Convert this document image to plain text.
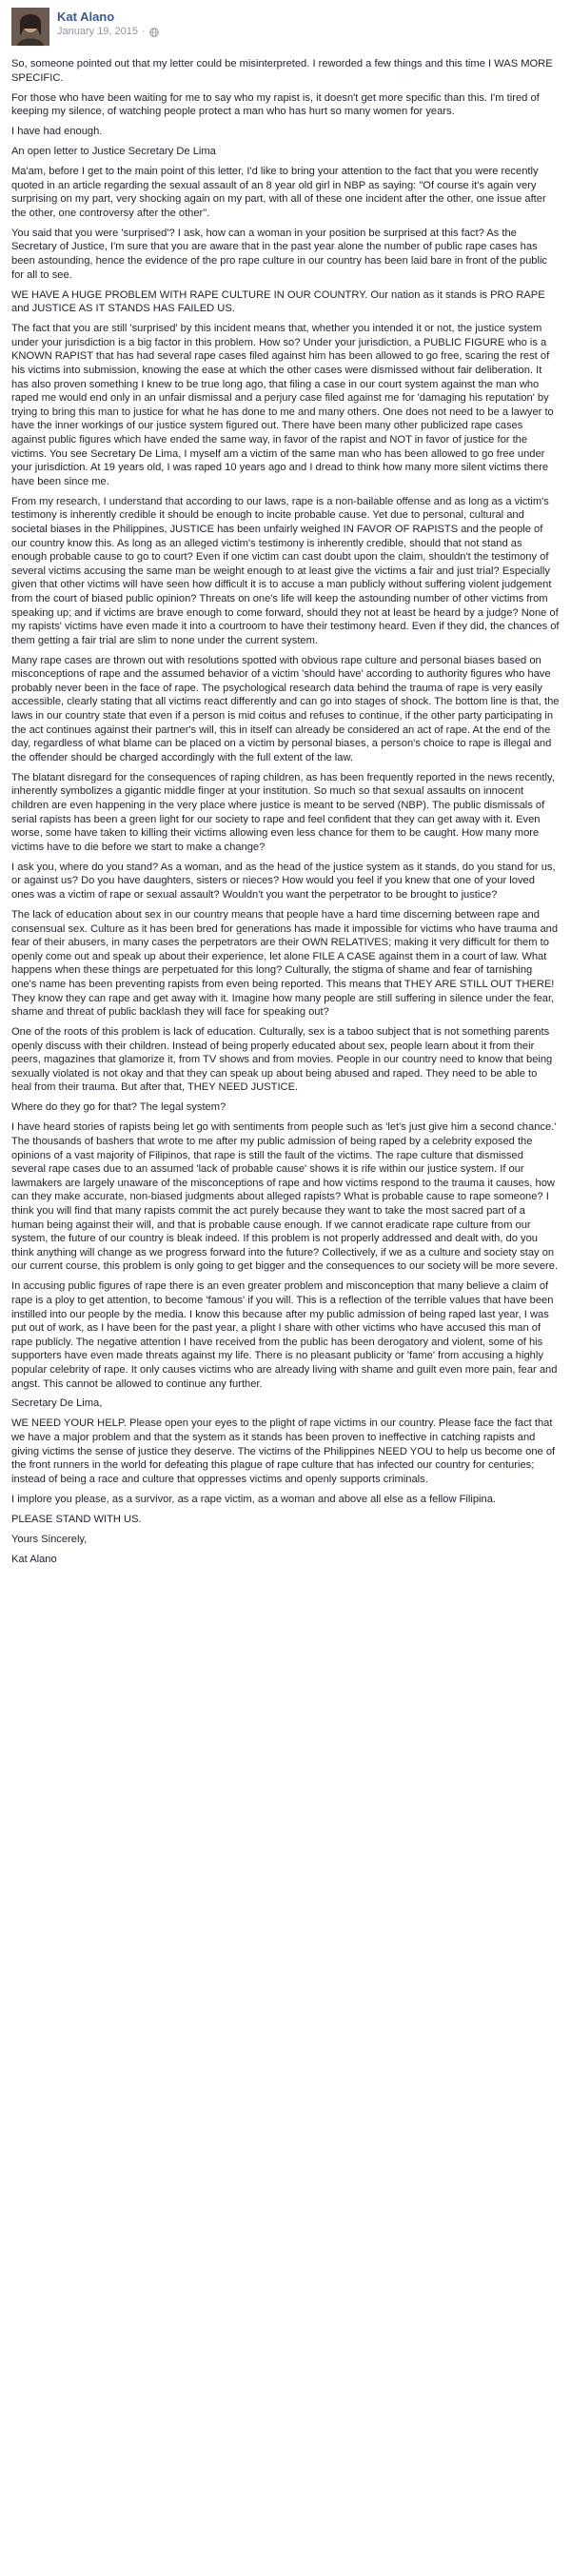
Kat Alano
January 19, 2015 ·

So, someone pointed out that my letter could be misinterpreted. I reworded a few things and this time I WAS MORE SPECIFIC.

For those who have been waiting for me to say who my rapist is, it doesn't get more specific than this. I'm tired of keeping my silence, of watching people protect a man who has hurt so many women for years.

I have had enough.

An open letter to Justice Secretary De Lima

Ma'am, before I get to the main point of this letter, I'd like to bring your attention to the fact that you were recently quoted in an article regarding the sexual assault of an 8 year old girl in NBP as saying: "Of course it's again very surprising on my part, very shocking again on my part, with all of these one incident after the other, one issue after the other, one controversy after the other".

You said that you were 'surprised'? I ask, how can a woman in your position be surprised at this fact? As the Secretary of Justice, I'm sure that you are aware that in the past year alone the number of public rape cases has been astounding, hence the evidence of the pro rape culture in our country has been laid bare in front of the public for all to see.

WE HAVE A HUGE PROBLEM WITH RAPE CULTURE IN OUR COUNTRY. Our nation as it stands is PRO RAPE and JUSTICE AS IT STANDS HAS FAILED US.

The fact that you are still 'surprised' by this incident means that, whether you intended it or not, the justice system under your jurisdiction is a big factor in this problem. How so? Under your jurisdiction, a PUBLIC FIGURE who is a KNOWN RAPIST that has had several rape cases filed against him has been allowed to go free, scaring the rest of his victims into submission, knowing the ease at which the other cases were dismissed without fair deliberation. It has also proven something I knew to be true long ago, that filing a case in our court system against the man who raped me would end only in an unfair dismissal and a perjury case filed against me for 'damaging his reputation' by trying to bring this man to justice for what he has done to me and many others. One does not need to be a lawyer to have the inner workings of our justice system figured out. There have been many other publicized rape cases against public figures which have ended the same way, in favor of the rapist and NOT in favor of justice for the victims. You see Secretary De Lima, I myself am a victim of the same man who has been allowed to go free under your jurisdiction. At 19 years old, I was raped 10 years ago and I dread to think how many more silent victims there have been since me.

From my research, I understand that according to our laws, rape is a non-bailable offense and as long as a victim's testimony is inherently credible it should be enough to incite probable cause. Yet due to personal, cultural and societal biases in the Philippines, JUSTICE has been unfairly weighed IN FAVOR OF RAPISTS and the people of our country know this. As long as an alleged victim's testimony is inherently credible, should that not stand as enough probable cause to go to court? Even if one victim can cast doubt upon the claim, shouldn't the testimony of several victims accusing the same man be weight enough to at least give the victims a fair and just trial? Especially given that other victims will have seen how difficult it is to accuse a man publicly without suffering violent judgement from the court of biased public opinion? Threats on one's life will keep the astounding number of other victims from speaking up; and if victims are brave enough to come forward, should they not at least be heard by a judge? None of my rapists' victims have even made it into a courtroom to have their testimony heard. Even if they did, the chances of them getting a fair trial are slim to none under the current system.

Many rape cases are thrown out with resolutions spotted with obvious rape culture and personal biases based on misconceptions of rape and the assumed behavior of a victim 'should have' according to authority figures who have probably never been in the face of rape. The psychological research data behind the trauma of rape is very easily accessible, clearly stating that all victims react differently and can go into stages of shock. The bottom line is that, the laws in our country state that even if a person is mid coitus and refuses to continue, if the other party participating in the act continues against their partner's will, this in itself can already be considered an act of rape. At the end of the day, regardless of what blame can be placed on a victim by personal biases, a person's choice to rape is illegal and the offender should be charged accordingly with the full extent of the law.

The blatant disregard for the consequences of raping children, as has been frequently reported in the news recently, inherently symbolizes a gigantic middle finger at your institution. So much so that sexual assaults on innocent children are even happening in the very place where justice is meant to be served (NBP). The public dismissals of serial rapists has been a green light for our society to rape and feel confident that they can get away with it. Even worse, some have taken to killing their victims allowing even less chance for them to be caught. How many more victims have to die before we start to make a change?

I ask you, where do you stand? As a woman, and as the head of the justice system as it stands, do you stand for us, or against us? Do you have daughters, sisters or nieces? How would you feel if you knew that one of your loved ones was a victim of rape or sexual assault? Wouldn't you want the perpetrator to be brought to justice?

The lack of education about sex in our country means that people have a hard time discerning between rape and consensual sex. Culture as it has been bred for generations has made it impossible for victims who have trauma and fear of their abusers, in many cases the perpetrators are their OWN RELATIVES; making it very difficult for them to openly come out and speak up about their experience, let alone FILE A CASE against them in a court of law. What happens when these things are perpetuated for this long? Culturally, the stigma of shame and fear of tarnishing one's name has been preventing rapists from even being reported. This means that THEY ARE STILL OUT THERE! They know they can rape and get away with it. Imagine how many people are still suffering in silence under the fear, shame and threat of public backlash they will face for speaking out?

One of the roots of this problem is lack of education. Culturally, sex is a taboo subject that is not something parents openly discuss with their children. Instead of being properly educated about sex, people learn about it from their peers, magazines that glamorize it, from TV shows and from movies. People in our country need to know that being sexually violated is not okay and that they can speak up about being abused and raped. They need to be able to heal from their trauma. But after that, THEY NEED JUSTICE.

Where do they go for that? The legal system?

I have heard stories of rapists being let go with sentiments from people such as 'let's just give him a second chance.' The thousands of bashers that wrote to me after my public admission of being raped by a celebrity exposed the opinions of a vast majority of Filipinos, that rape is still the fault of the victims. The rape culture that dismissed several rape cases due to an assumed 'lack of probable cause' shows it is rife within our justice system. If our lawmakers are largely unaware of the misconceptions of rape and how victims respond to the trauma it causes, how can they make accurate, non-biased judgments about alleged rapists? What is probable cause to rape someone? I think you will find that many rapists commit the act purely because they want to take the most sacred part of a human being against their will, and that is probable cause enough. If we cannot eradicate rape culture from our system, the future of our country is bleak indeed. If this problem is not properly addressed and dealt with, do you think anything will change as we progress forward into the future? Collectively, if we as a culture and society stay on our current course, this problem is only going to get bigger and the consequences to our society will be more severe.

In accusing public figures of rape there is an even greater problem and misconception that many believe a claim of rape is a ploy to get attention, to become 'famous' if you will. This is a reflection of the terrible values that have been instilled into our people by the media. I know this because after my public admission of being raped last year, I was put out of work, as I have been for the past year, a plight I share with other victims who have accused this man of rape publicly. The negative attention I have received from the public has been derogatory and violent, some of his supporters have even made threats against my life. There is no pleasant publicity or 'fame' from accusing a highly popular celebrity of rape. It only causes victims who are already living with shame and guilt even more pain, fear and angst. This cannot be allowed to continue any further.

Secretary De Lima,

WE NEED YOUR HELP. Please open your eyes to the plight of rape victims in our country. Please face the fact that we have a major problem and that the system as it stands has been proven to ineffective in catching rapists and giving victims the sense of justice they deserve. The victims of the Philippines NEED YOU to help us become one of the front runners in the world for defeating this plague of rape culture that has infected our country for centuries; instead of being a race and culture that oppresses victims and openly supports criminals.

I implore you please, as a survivor, as a rape victim, as a woman and above all else as a fellow Filipina.

PLEASE STAND WITH US.

Yours Sincerely,

Kat Alano
